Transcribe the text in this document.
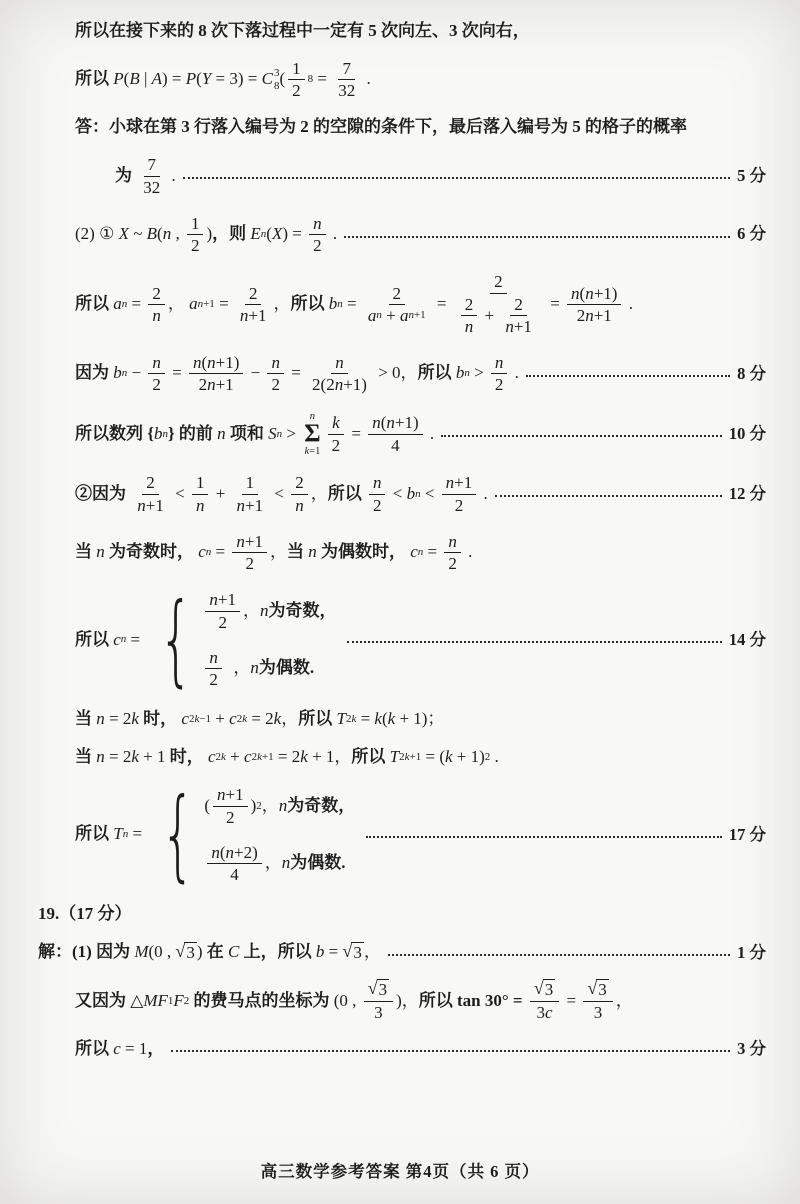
所以在接下来的 8 次下落过程中一定有 5 次向左、3 次向右，
所以 P(B | A) = P(Y = 3) = C 3
8 ( $\frac{1}{2} 8 = \frac{7}{32}$ .
答：小球在第 3 行落入编号为 2 的空隙的条件下，最后落入编号为 5 的格子的概率
为 $\frac{7}{32}$ .	5 分
(2) ① X ~ B(n , $\frac{1}{2}$ ) ，则 E n $(X) = \frac{n}{2}$ .	6 分
所以 a $n = \frac{2}{n}$ ， a $n+1 = \frac{2}{n +1}$ ， 所以 b $n = \frac{2}{\text{a n + a n+1}} = \frac{2}{\frac{2}{n} + \frac{2}{n +1}} = \frac{n ( n +1)}{2 n +1}$ .
因为 b $n - \frac{n}{2} = \frac{n ( n +1)}{2 n +1} - \frac{n}{2} = \frac{n}{2(2 n +1)} > 0$， 所以 b $n > \frac{n}{2}$ .	8 分
所以数列 { b n } 的前 n 项和 S n >
n
Σ
$k=1 \frac{k}{2} = \frac{n ( n +1)}{4}$ .	10 分
②因为 $\frac{2}{n +1} < \frac{1}{n} + \frac{1}{n +1} < \frac{2}{n}$ ， 所以 $\frac{n}{2} < b$ $n < \frac{n +1}{2}$ .	12 分
当 n 为奇数时， c $n = \frac{n +1}{2}$ ， 当 n 为偶数时， c $n = \frac{n}{2}$ .
所以 c n = { $\frac{n +1}{2}$ ，n 为奇数，
$\frac{n}{2}$ ，n 为偶数.
14 分
当 n = 2k 时， c 2k−1 + c 2k = 2k， 所以 T 2k = k(k + 1)；
当 n = 2k + 1 时， c 2k + c 2k+1 = 2k + 1， 所以 T 2k+1 = (k + 1) 2 .
所以 T n = { ( $\frac{n +1}{2}$ ) 2 ，n 为奇数，
$\frac{n ( n +2)}{4}$ ，n 为偶数.
17 分
19.（17 分）
解：(1) 因为 M(0 , √ 3 ) 在 C 上，所以 b = √ 3 ，	1 分
又因为 △ MF 1 F 2 的费马点的坐标为 (0 , $\frac{√ 3}{3}$ )， 所以 $\tan 30^\circ = \frac{√ 3}{3c} = \frac{√ 3}{3}$ ，
所以 c = 1 ，	3 分
高三数学参考答案 第4页（共 6 页）
